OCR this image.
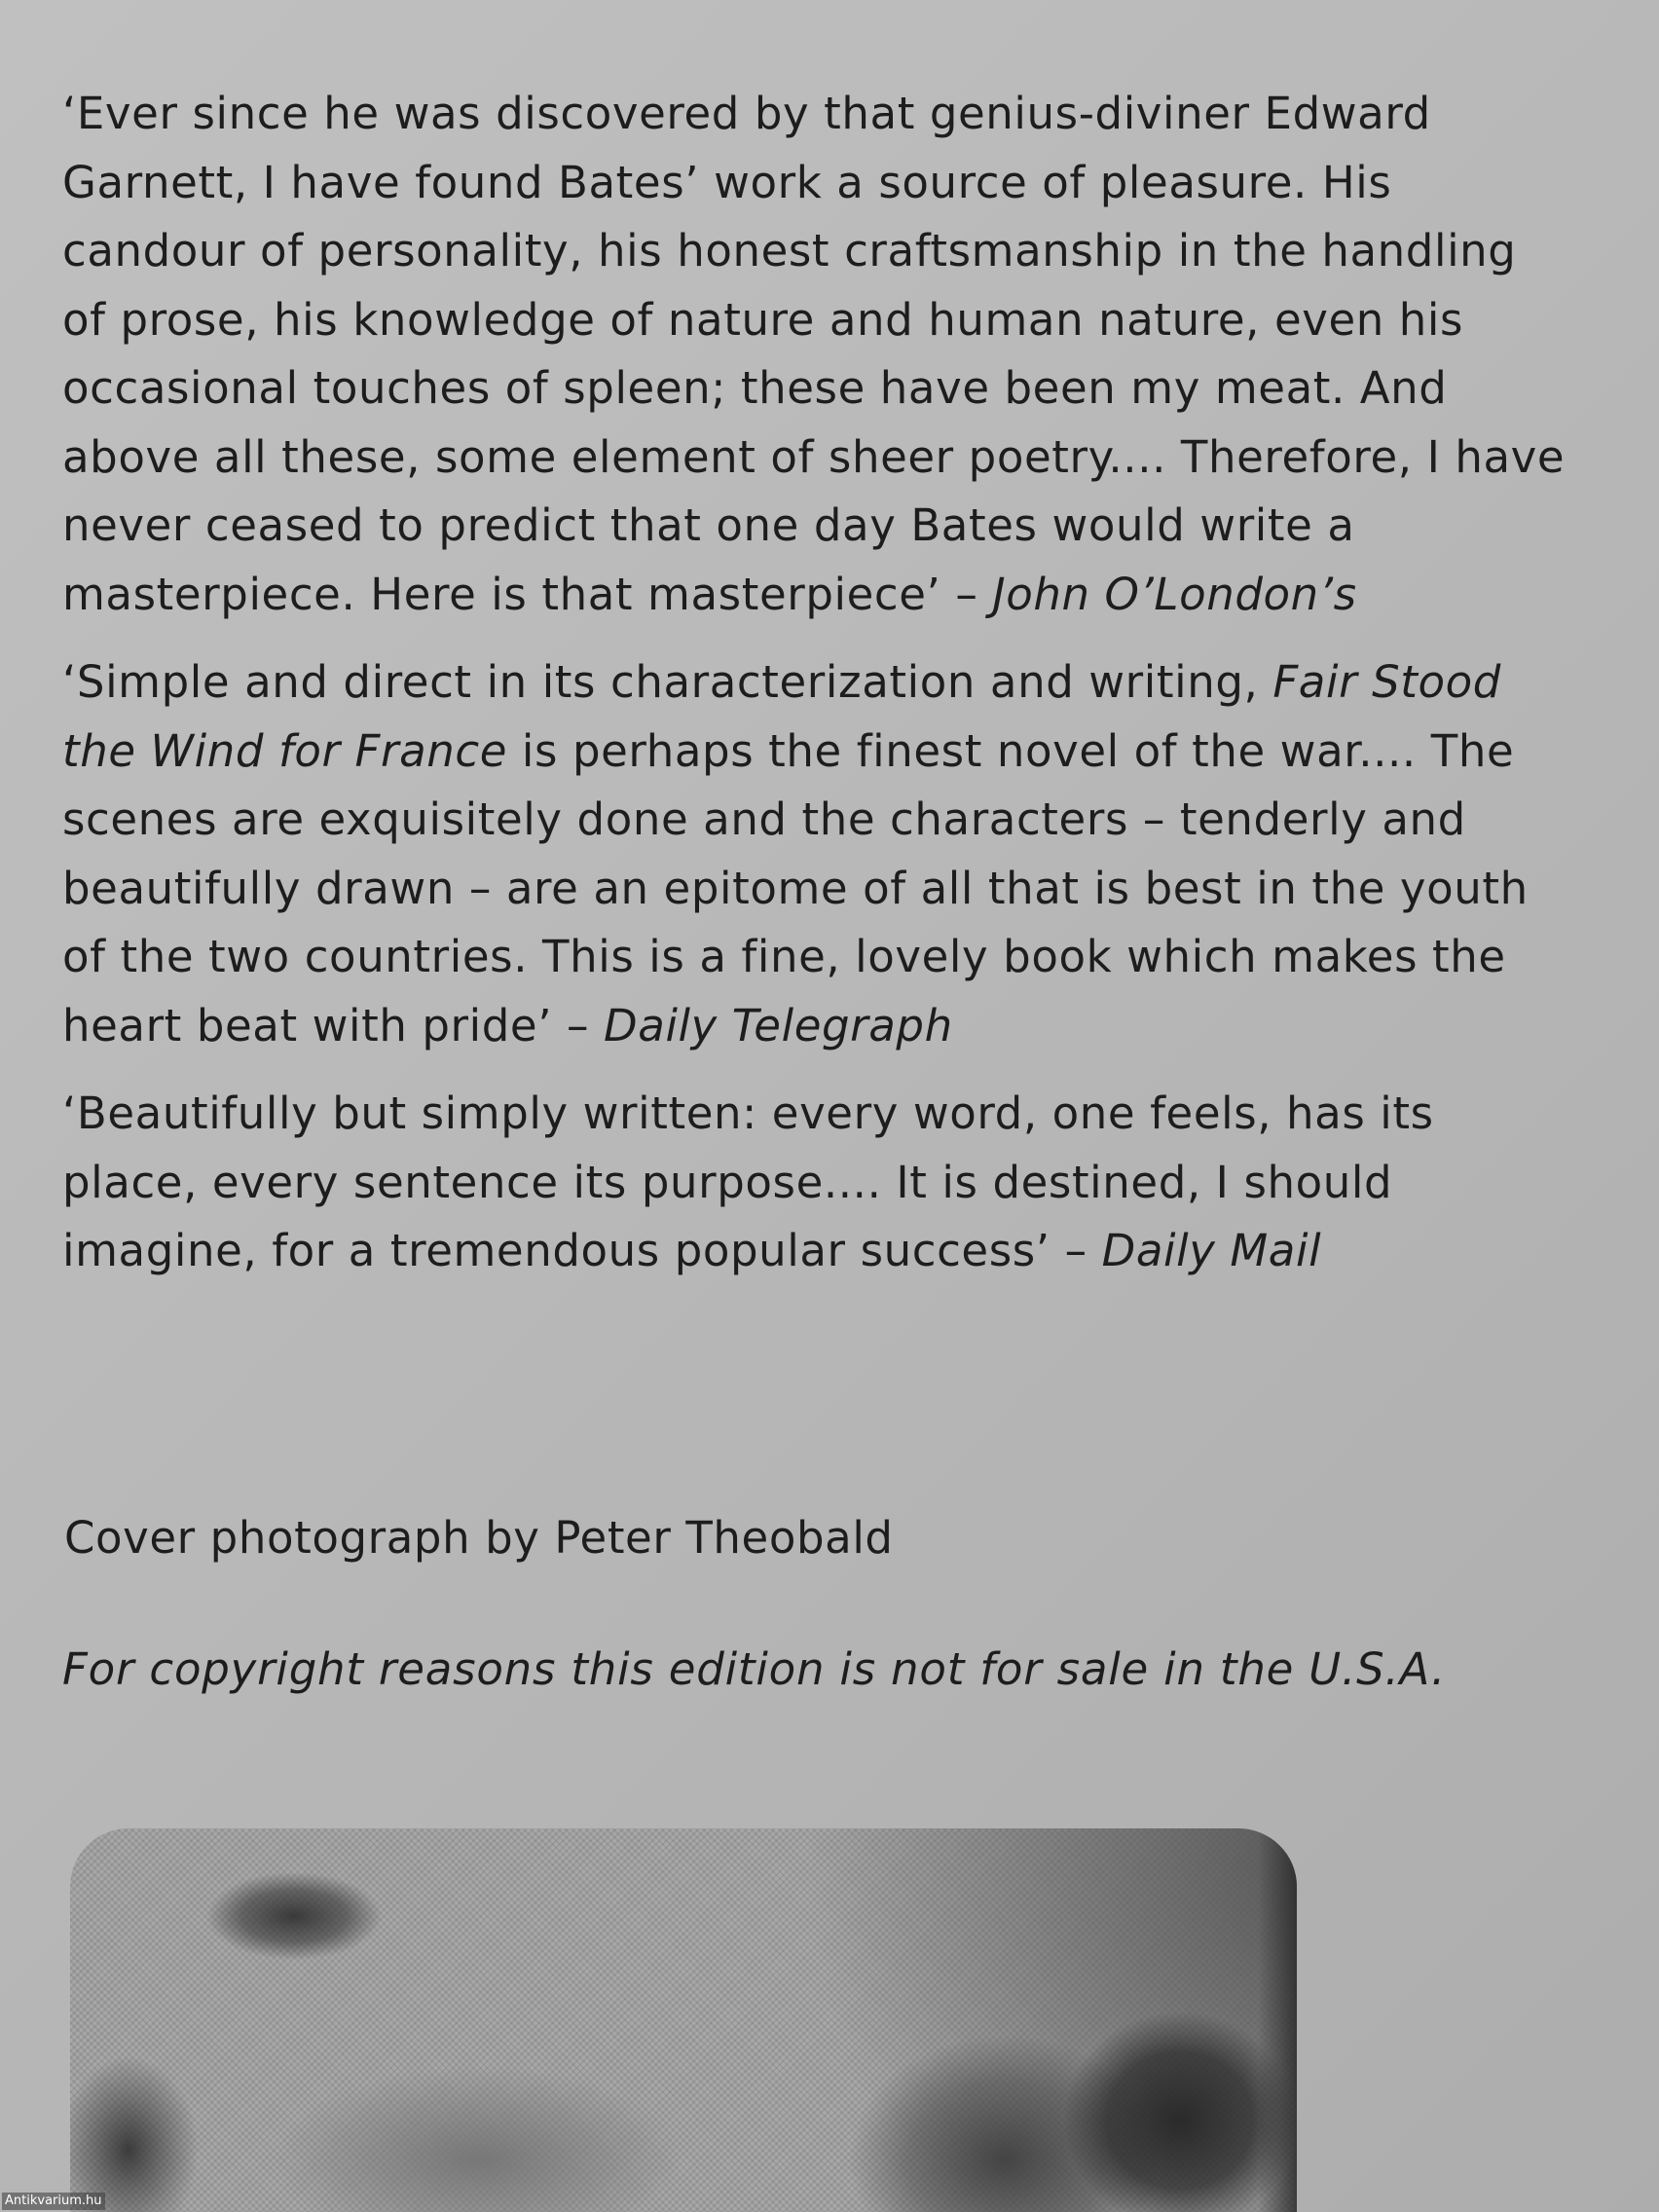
‘Ever since he was discovered by that genius-diviner Edward Garnett, I have found Bates’ work a source of pleasure. His candour of personality, his honest craftsmanship in the handling of prose, his knowledge of nature and human nature, even his occasional touches of spleen; these have been my meat. And above all these, some element of sheer poetry.... Therefore, I have never ceased to predict that one day Bates would write a masterpiece. Here is that masterpiece’ – John O’London’s

‘Simple and direct in its characterization and writing, Fair Stood the Wind for France is perhaps the finest novel of the war.... The scenes are exquisitely done and the characters – tenderly and beautifully drawn – are an epitome of all that is best in the youth of the two countries. This is a fine, lovely book which makes the heart beat with pride’ – Daily Telegraph

‘Beautifully but simply written: every word, one feels, has its place, every sentence its purpose.... It is destined, I should imagine, for a tremendous popular success’ – Daily Mail

Cover photograph by Peter Theobald

For copyright reasons this edition is not for sale in the U.S.A.

Antikvarium.hu
